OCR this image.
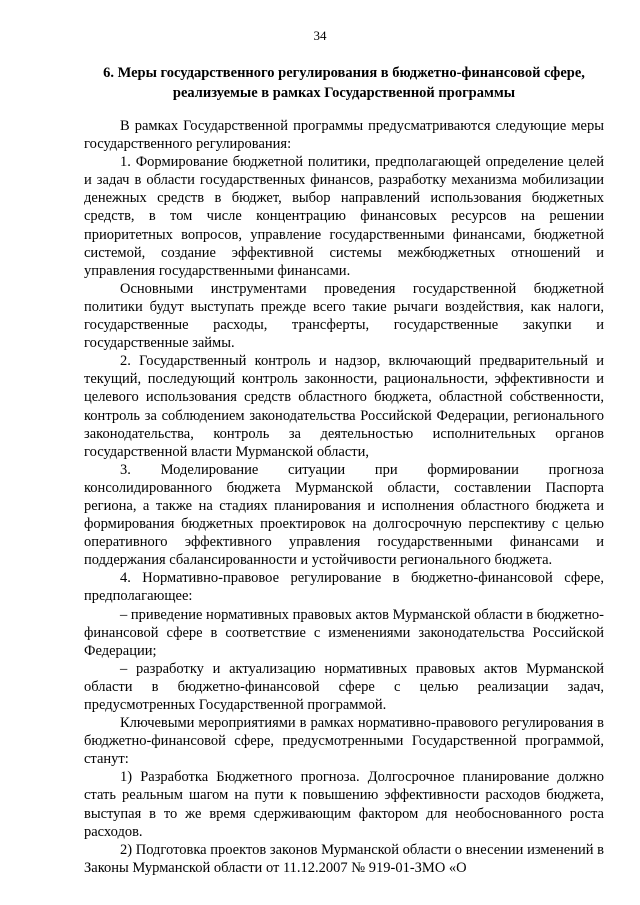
34
6. Меры государственного регулирования в бюджетно-финансовой сфере, реализуемые в рамках Государственной программы

В рамках Государственной программы предусматриваются следующие меры государственного регулирования:

1. Формирование бюджетной политики, предполагающей определение целей и задач в области государственных финансов, разработку механизма мобилизации денежных средств в бюджет, выбор направлений использования бюджетных средств, в том числе концентрацию финансовых ресурсов на решении приоритетных вопросов, управление государственными финансами, бюджетной системой, создание эффективной системы межбюджетных отношений и управления государственными финансами.

Основными инструментами проведения государственной бюджетной политики будут выступать прежде всего такие рычаги воздействия, как налоги, государственные расходы, трансферты, государственные закупки и государственные займы.

2. Государственный контроль и надзор, включающий предварительный и текущий, последующий контроль законности, рациональности, эффективности и целевого использования средств областного бюджета, областной собственности, контроль за соблюдением законодательства Российской Федерации, регионального законодательства, контроль за деятельностью исполнительных органов государственной власти Мурманской области,

3. Моделирование ситуации при формировании прогноза консолидированного бюджета Мурманской области, составлении Паспорта региона, а также на стадиях планирования и исполнения областного бюджета и формирования бюджетных проектировок на долгосрочную перспективу с целью оперативного эффективного управления государственными финансами и поддержания сбалансированности и устойчивости регионального бюджета.

4. Нормативно-правовое регулирование в бюджетно-финансовой сфере, предполагающее:

– приведение нормативных правовых актов Мурманской области в бюджетно-финансовой сфере в соответствие с изменениями законодательства Российской Федерации;

– разработку и актуализацию нормативных правовых актов Мурманской области в бюджетно-финансовой сфере с целью реализации задач, предусмотренных Государственной программой.

Ключевыми мероприятиями в рамках нормативно-правового регулирования в бюджетно-финансовой сфере, предусмотренными Государственной программой, станут:

1) Разработка Бюджетного прогноза. Долгосрочное планирование должно стать реальным шагом на пути к повышению эффективности расходов бюджета, выступая в то же время сдерживающим фактором для необоснованного роста расходов.

2) Подготовка проектов законов Мурманской области о внесении изменений в Законы Мурманской области от 11.12.2007 № 919-01-ЗМО «О
